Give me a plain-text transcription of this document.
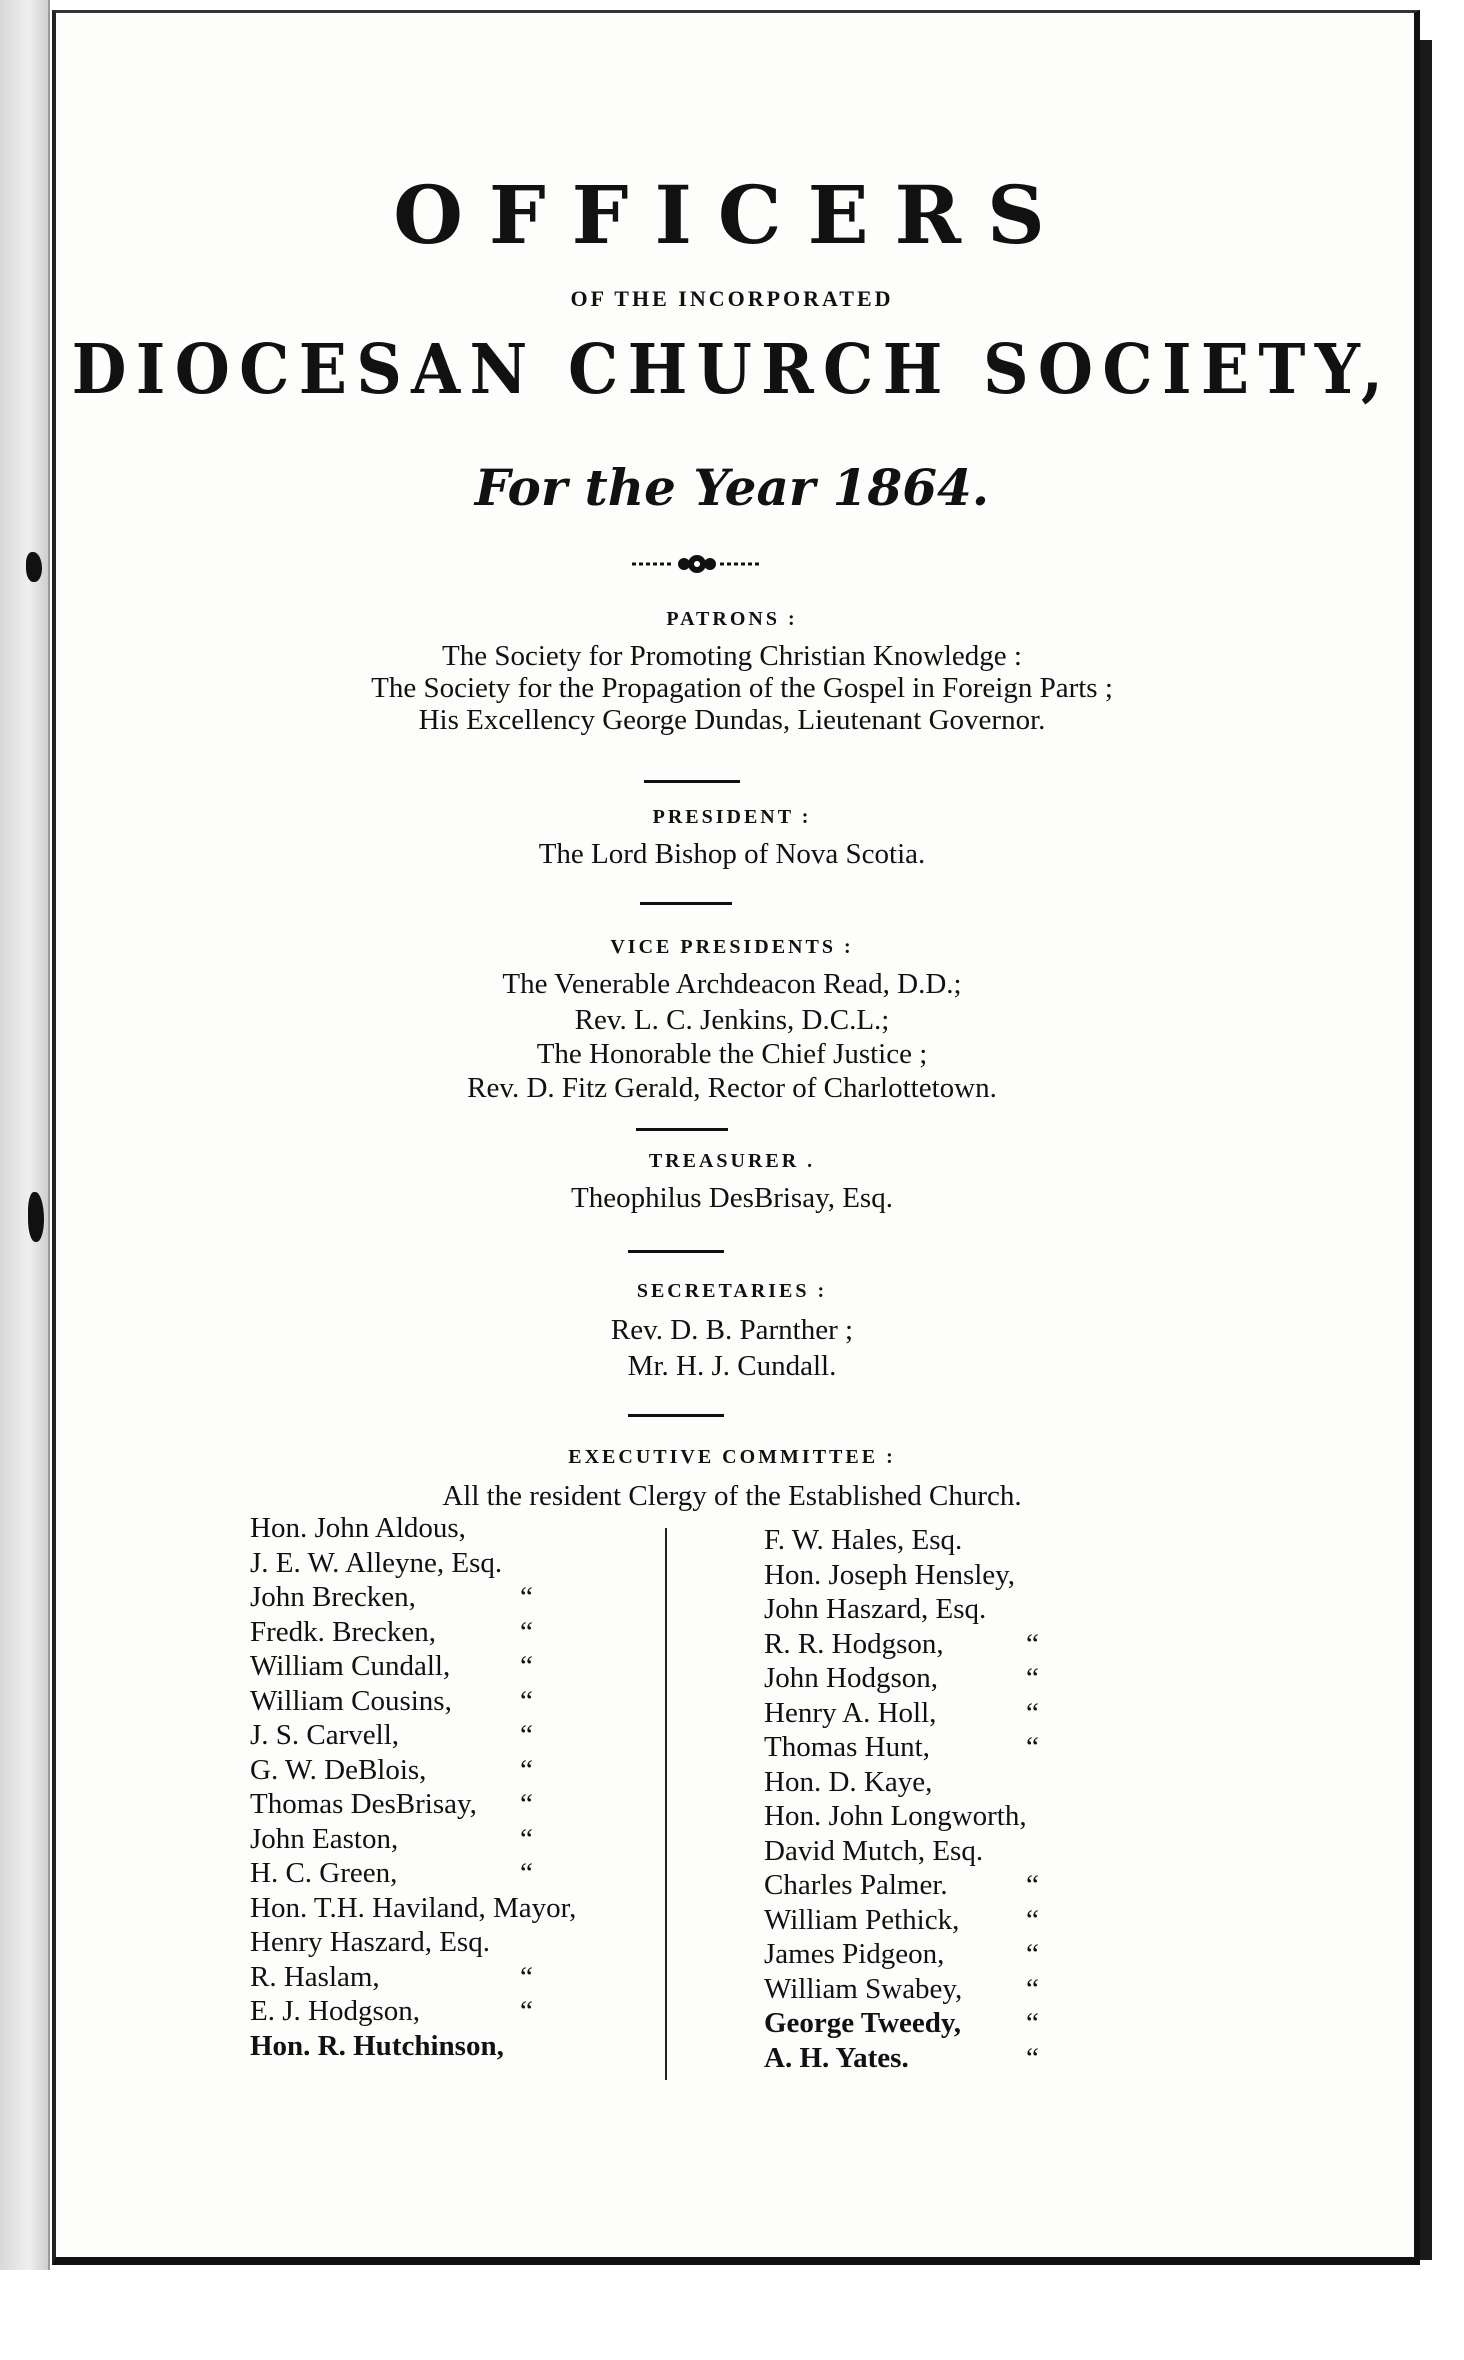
OFFICERS
OF THE INCORPORATED
DIOCESAN CHURCH SOCIETY,
For the Year 1864.
PATRONS :
The Society for Promoting Christian Knowledge :
The Society for the Propagation of the Gospel in Foreign Parts ;
His Excellency George Dundas, Lieutenant Governor.
PRESIDENT :
The Lord Bishop of Nova Scotia.
VICE PRESIDENTS :
The Venerable Archdeacon Read, D.D.;
Rev. L. C. Jenkins, D.C.L.;
The Honorable the Chief Justice ;
Rev. D. Fitz Gerald, Rector of Charlottetown.
TREASURER .
Theophilus DesBrisay, Esq.
SECRETARIES :
Rev. D. B. Parnther ;
Mr. H. J. Cundall.
EXECUTIVE COMMITTEE :
All the resident Clergy of the Established Church.
Hon. John Aldous,
J. E. W. Alleyne, Esq.
John Brecken,	“
Fredk. Brecken,	“
William Cundall, “
William Cousins, “
J. S. Carvell,	“
G. W. DeBlois,	“
Thomas DesBrisay, “
John Easton,	“
H. C. Green,	“
Hon. T.H. Haviland, Mayor,
Henry Haszard, Esq.
R. Haslam,	“
E. J. Hodgson,	“
Hon. R. Hutchinson,
F. W. Hales, Esq.
Hon. Joseph Hensley,
John Haszard, Esq.
R. R. Hodgson,	“
John Hodgson,	“
Henry A. Holl,	“
Thomas Hunt,	“
Hon. D. Kaye,
Hon. John Longworth,
David Mutch, Esq.
Charles Palmer.	“
William Pethick, “
James Pidgeon,	“
William Swabey, “
George Tweedy, “
A. H. Yates.	“
